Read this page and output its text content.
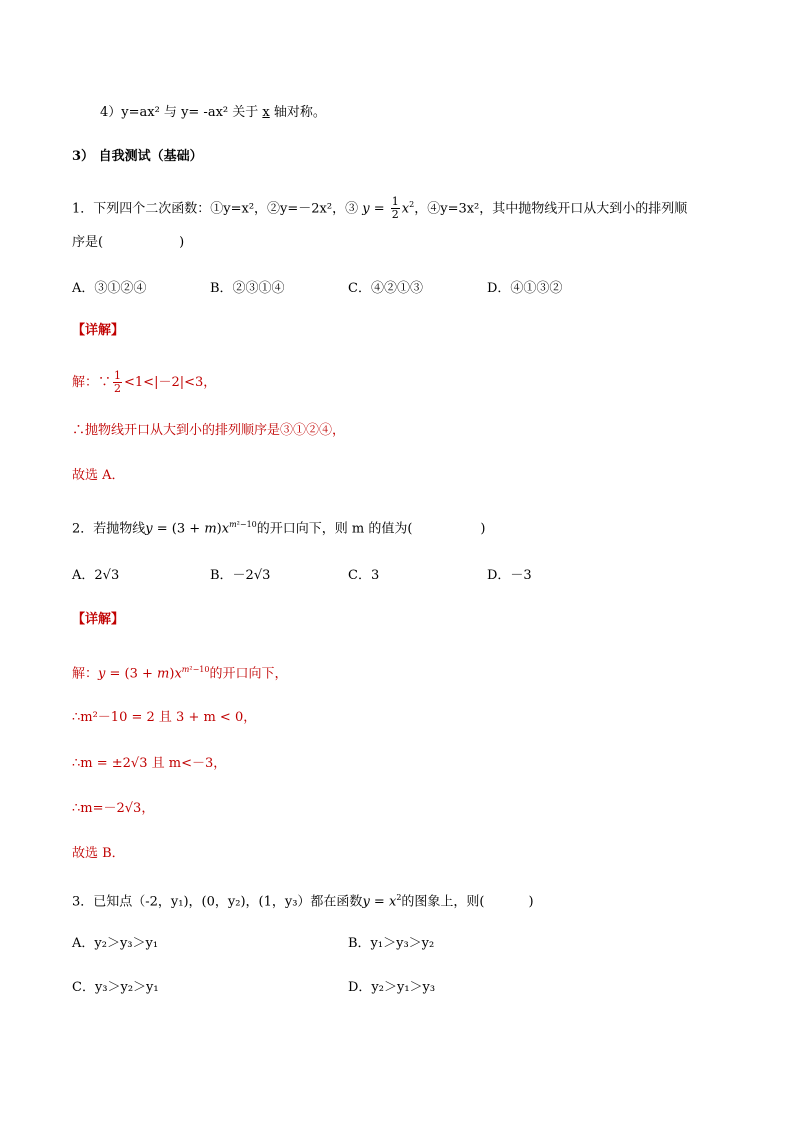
4）y=ax² 与 y= -ax² 关于 x 轴对称。
3） 自我测试（基础）
1．下列四个二次函数：①y=x²，②y=－2x²，③ $y = \frac{1}{2} x^2$，④y=3x²，其中抛物线开口从大到小的排列顺
序是(	)
A．③①②④	B．②③①④	C．④②①③	D．④①③②
【详解】
解：∵ $\frac{1}{2} <1<|-2|<3$，
∴抛物线开口从大到小的排列顺序是③①②④，
故选 A．
2．若抛物线$y = (3 + m)x^{m^2-10}$的开口向下，则 m 的值为(	)
A．2√3	B．－2√3	C．3	D．－3
【详解】
解：$y = (3 + m)x^{m^2-10}$的开口向下，
∴m²－10 = 2 且 3 + m < 0，
∴m = ±2√3 且 m<－3，
∴m=－2√3，
故选 B．
3．已知点（-2，y₁)，(0，y₂)，(1，y₃）都在函数$y = x^2$的图象上，则(	)
A．y₂＞y₃＞y₁	B．y₁＞y₃＞y₂
C．y₃＞y₂＞y₁	D．y₂＞y₁＞y₃
